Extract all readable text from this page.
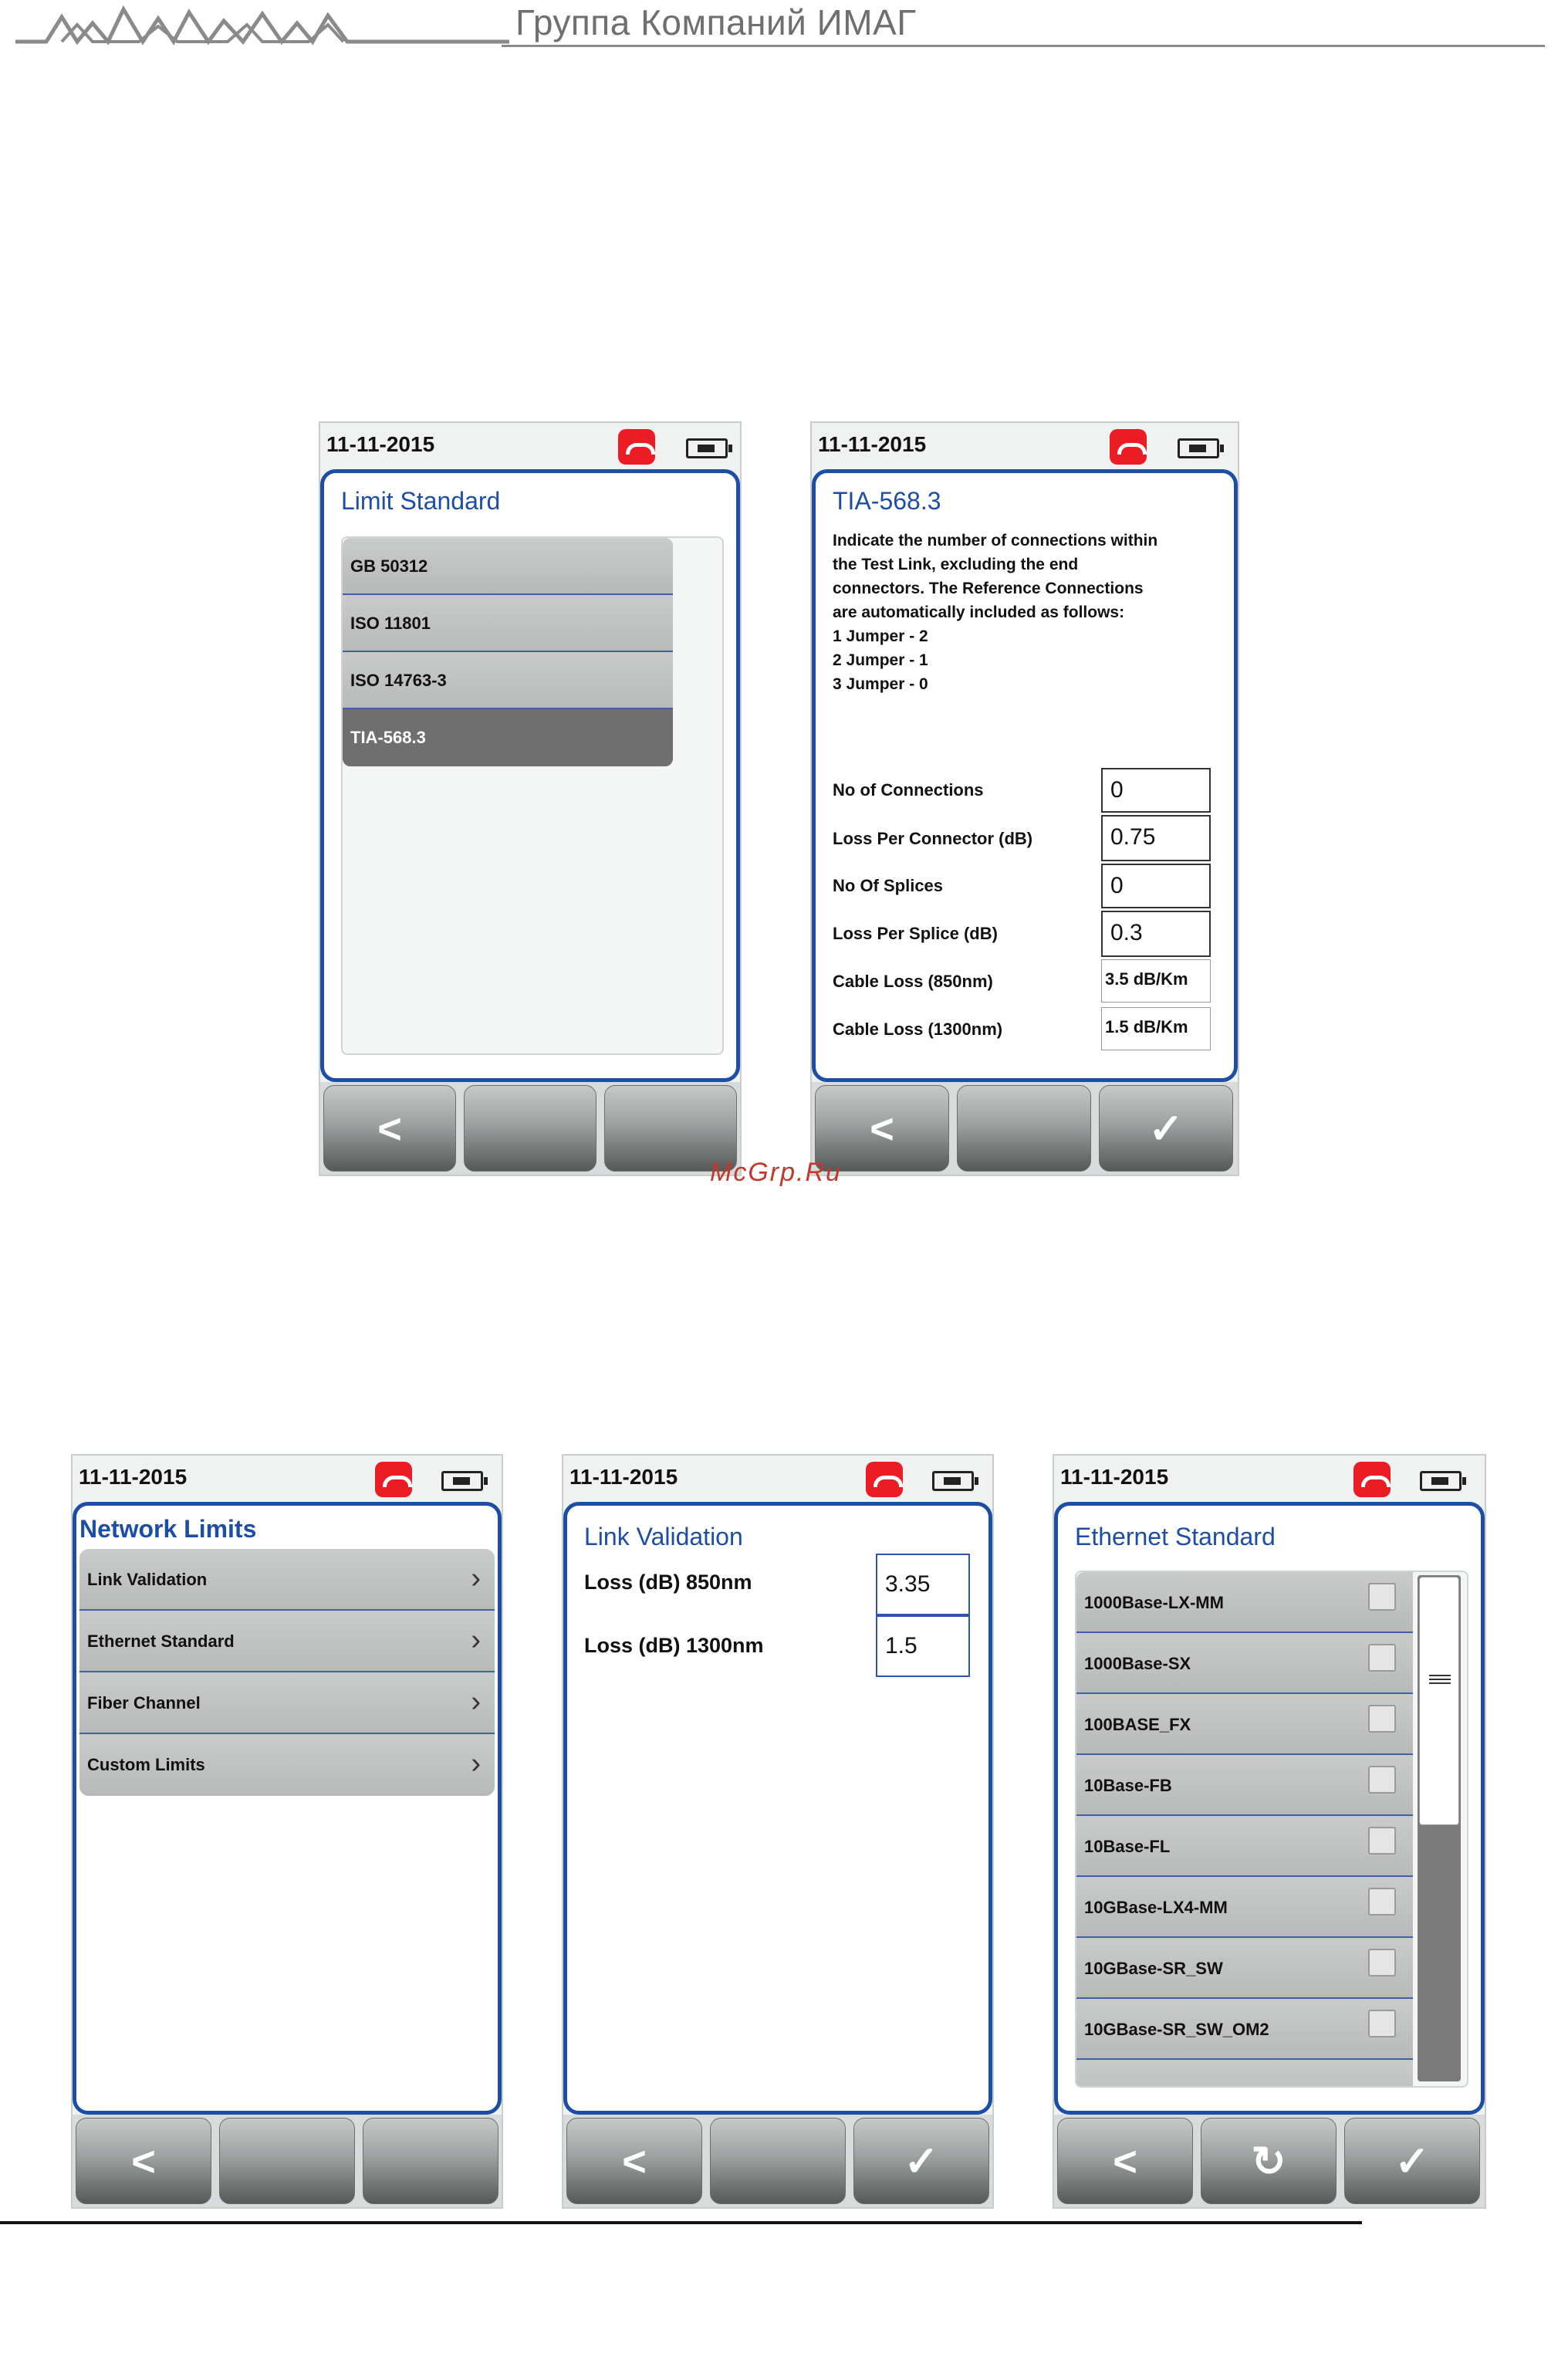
Группа Компаний ИМАГ
11-11-2015
Limit Standard
GB 50312
ISO 11801
ISO 14763-3
TIA-568.3
<
11-11-2015
TIA-568.3

Indicate the number of connections within

the Test Link, excluding the end

connectors. The Reference Connections

are automatically included as follows:

1 Jumper - 2

2 Jumper - 1

3 Jumper - 0

No of Connections	0
Loss Per Connector (dB)	0.75
No Of Splices	0
Loss Per Splice (dB)	0.3
Cable Loss (850nm)	3.5 dB/Km
Cable Loss (1300nm)	1.5 dB/Km
<	✓
11-11-2015
Network Limits
Link Validation	›
Ethernet Standard	›
Fiber Channel	›
Custom Limits	›
<
11-11-2015
Link Validation
Loss (dB) 850nm	3.35
Loss (dB) 1300nm	1.5
<	✓
11-11-2015
Ethernet Standard
1000Base-LX-MM
1000Base-SX
100BASE_FX
10Base-FB
10Base-FL
10GBase-LX4-MM
10GBase-SR_SW
10GBase-SR_SW_OM2
<	↻	✓
McGrp.Ru
